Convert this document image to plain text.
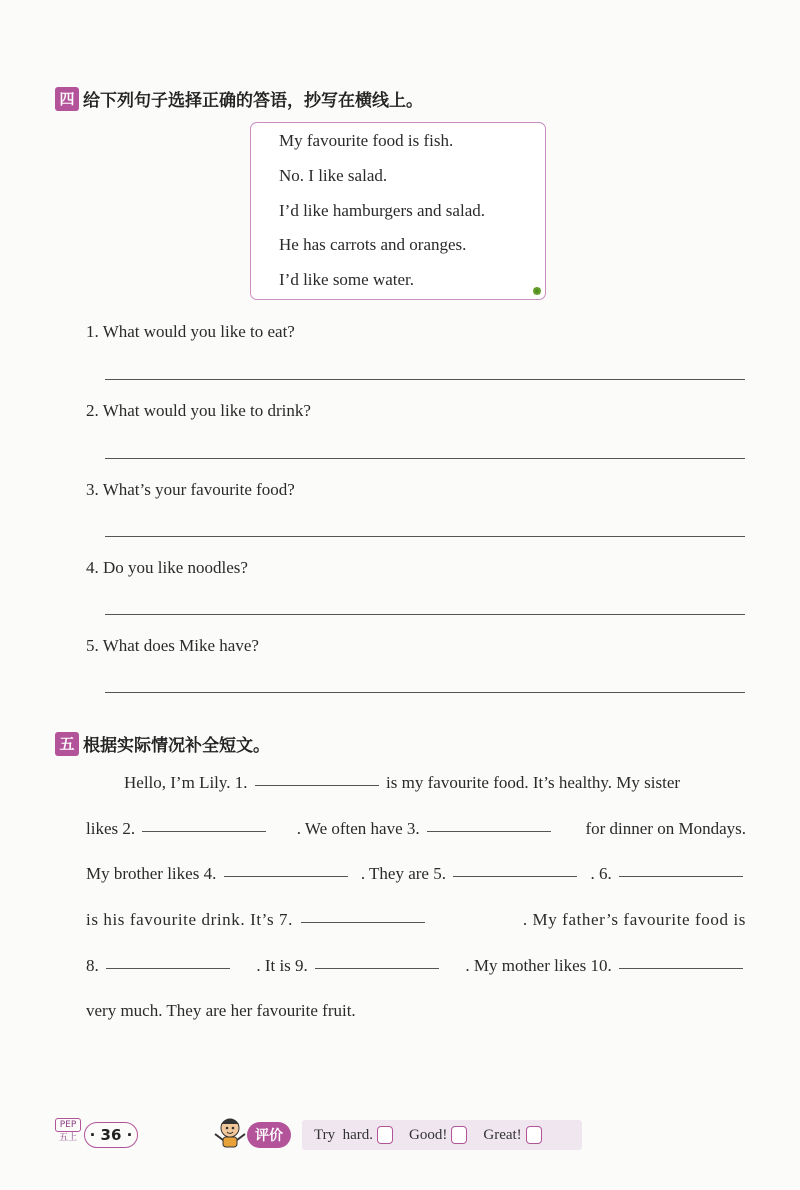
四 给下列句子选择正确的答语，抄写在横线上。
My favourite food is fish.
No. I like salad.
I’d like hamburgers and salad.
He has carrots and oranges.
I’d like some water.
1. What would you like to eat?
2. What would you like to drink?
3. What’s your favourite food?
4. Do you like noodles?
5. What does Mike have?
五 根据实际情况补全短文。
Hello, I’m Lily. 1.	is my favourite food. It’s healthy. My sister
likes 2.	. We often have 3.	for dinner on Mondays.
My brother likes 4.	. They are 5.	. 6.
is his favourite drink. It’s 7.	. My father’s favourite food is
8.	. It is 9.	. My mother likes 10.
very much. They are her favourite fruit.
PEP
五上 · 36 ·	评价	Try  hard. Good! Great!
